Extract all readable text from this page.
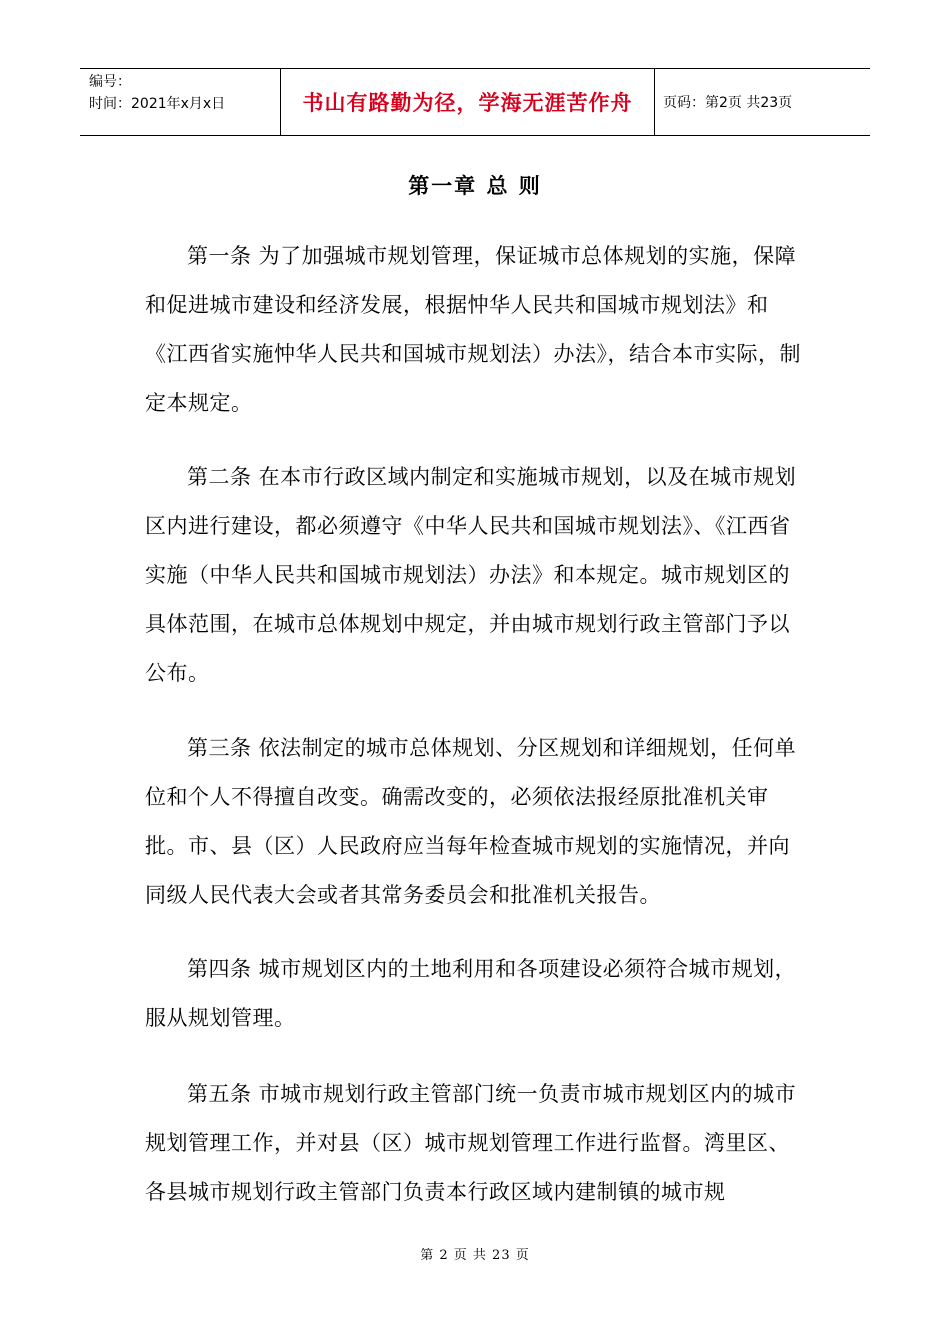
编号：
时间：2021年x月x日	书山有路勤为径，学海无涯苦作舟	页码：第2页 共23页
第一章 总 则

第一条 为了加强城市规划管理，保证城市总体规划的实施，保障和促进城市建设和经济发展，根据忡华人民共和国城市规划法》和《江西省实施忡华人民共和国城市规划法）办法》，结合本市实际，制定本规定。

第二条 在本市行政区域内制定和实施城市规划，以及在城市规划区内进行建设，都必须遵守《中华人民共和国城市规划法》、《江西省实施（中华人民共和国城市规划法）办法》和本规定。城市规划区的具体范围，在城市总体规划中规定，并由城市规划行政主管部门予以公布。

第三条 依法制定的城市总体规划、分区规划和详细规划，任何单位和个人不得擅自改变。确需改变的，必须依法报经原批准机关审批。市、县（区）人民政府应当每年检查城市规划的实施情况，并向同级人民代表大会或者其常务委员会和批准机关报告。

第四条 城市规划区内的土地利用和各项建设必须符合城市规划，服从规划管理。

第五条 市城市规划行政主管部门统一负责市城市规划区内的城市规划管理工作，并对县（区）城市规划管理工作进行监督。湾里区、各县城市规划行政主管部门负责本行政区域内建制镇的城市规

第 2 页 共 23 页
